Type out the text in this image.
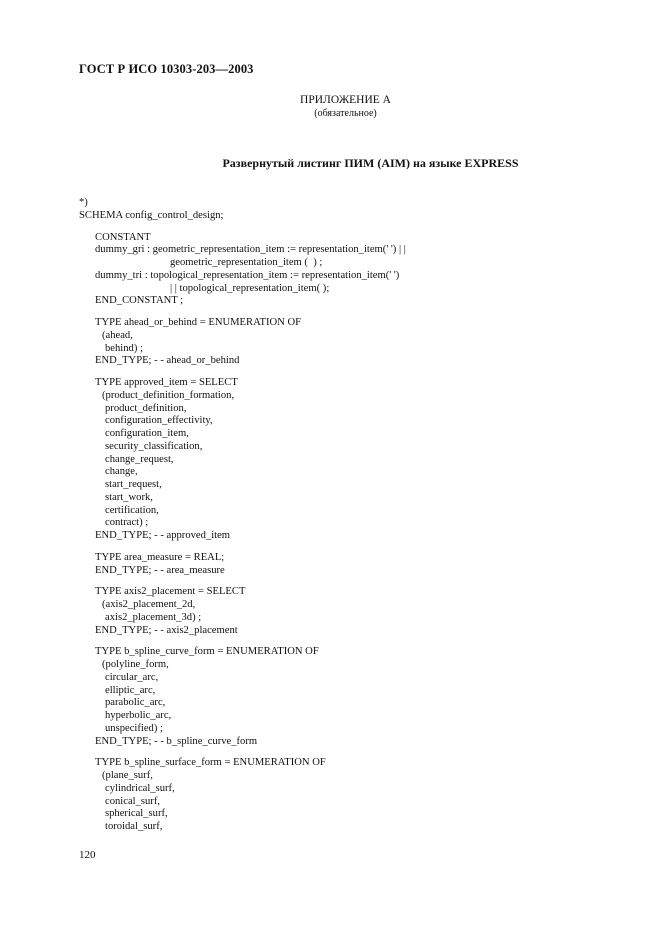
ГОСТ Р ИСО 10303-203—2003
ПРИЛОЖЕНИЕ А
(обязательное)
Развернутый листинг ПИМ (AIM) на языке EXPRESS
*)
SCHEMA config_control_design;
CONSTANT
dummy_gri : geometric_representation_item := representation_item(' ') | |
geometric_representation_item (  ) ;
dummy_tri : topological_representation_item := representation_item(' ')
| | topological_representation_item( );
END_CONSTANT ;
TYPE ahead_or_behind = ENUMERATION OF
(ahead,
behind) ;
END_TYPE; - - ahead_or_behind
TYPE approved_item = SELECT
(product_definition_formation,
product_definition,
configuration_effectivity,
configuration_item,
security_classification,
change_request,
change,
start_request,
start_work,
certification,
contract) ;
END_TYPE; - - approved_item
TYPE area_measure = REAL;
END_TYPE; - - area_measure
TYPE axis2_placement = SELECT
(axis2_placement_2d,
axis2_placement_3d) ;
END_TYPE; - - axis2_placement
TYPE b_spline_curve_form = ENUMERATION OF
(polyline_form,
circular_arc,
elliptic_arc,
parabolic_arc,
hyperbolic_arc,
unspecified) ;
END_TYPE; - - b_spline_curve_form
TYPE b_spline_surface_form = ENUMERATION OF
(plane_surf,
cylindrical_surf,
conical_surf,
spherical_surf,
toroidal_surf,
120
